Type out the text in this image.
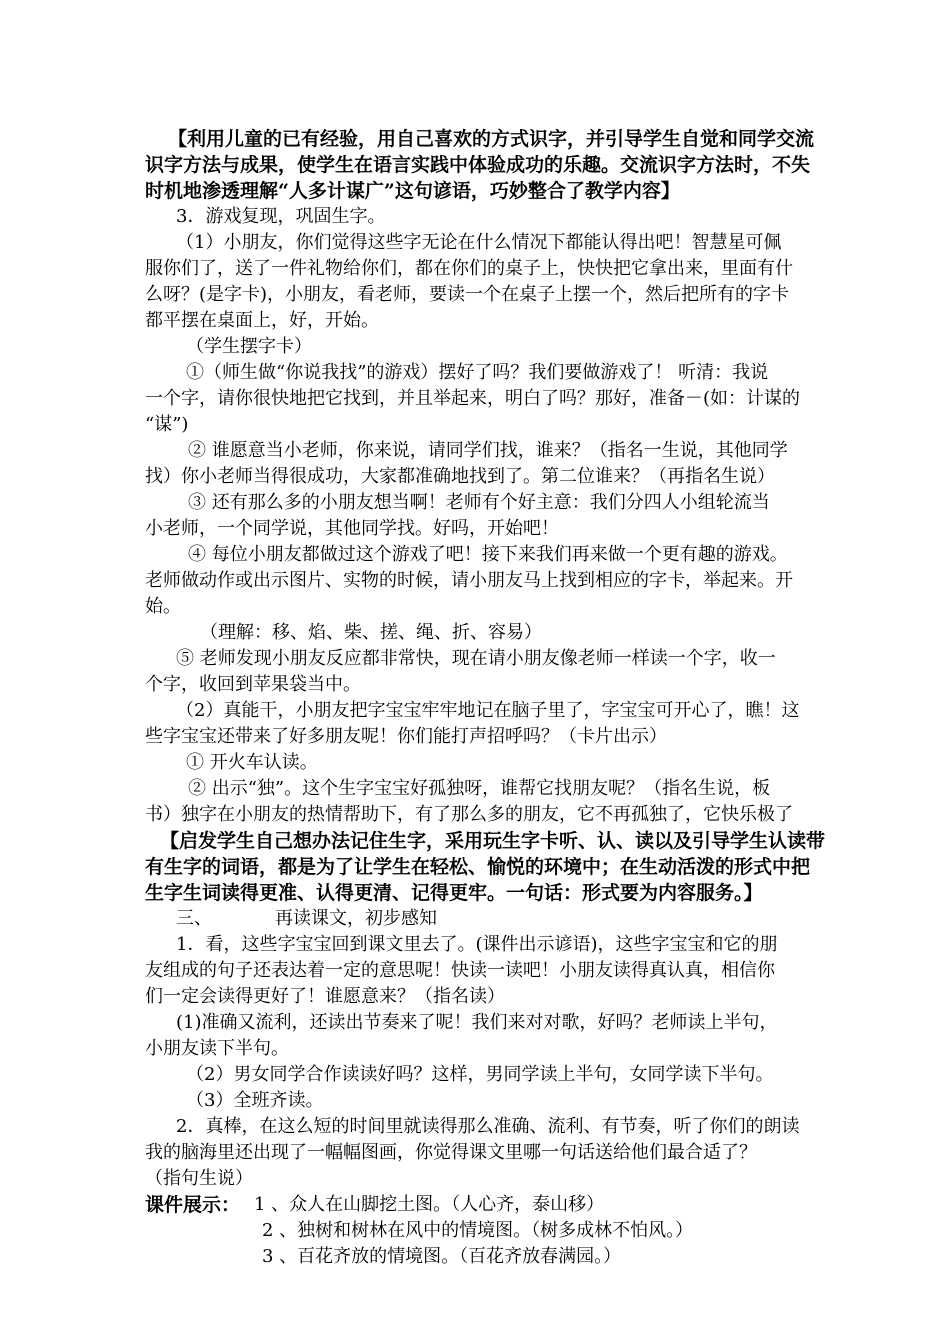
【利用儿童的已有经验，用自己喜欢的方式识字，并引导学生自觉和同学交流
识字方法与成果，使学生在语言实践中体验成功的乐趣。交流识字方法时，不失
时机地渗透理解“人多计谋广”这句谚语，巧妙整合了教学内容】
3．游戏复现，巩固生字。
（1）小朋友，你们觉得这些字无论在什么情况下都能认得出吧！智慧星可佩
服你们了，送了一件礼物给你们，都在你们的桌子上，快快把它拿出来，里面有什
么呀？(是字卡)，小朋友，看老师，要读一个在桌子上摆一个，然后把所有的字卡
都平摆在桌面上，好，开始。
（学生摆字卡）
①（师生做“你说我找”的游戏）摆好了吗？我们要做游戏了！ 听清：我说
一个字，请你很快地把它找到，并且举起来，明白了吗？那好，准备－(如：计谋的
“谋”)
② 谁愿意当小老师，你来说，请同学们找，谁来？（指名一生说，其他同学
找）你小老师当得很成功，大家都准确地找到了。第二位谁来？（再指名生说）
③ 还有那么多的小朋友想当啊！老师有个好主意：我们分四人小组轮流当
小老师，一个同学说，其他同学找。好吗，开始吧！
④ 每位小朋友都做过这个游戏了吧！接下来我们再来做一个更有趣的游戏。
老师做动作或出示图片、实物的时候，请小朋友马上找到相应的字卡，举起来。开
始。
（理解：移、焰、柴、搓、绳、折、容易）
⑤ 老师发现小朋友反应都非常快，现在请小朋友像老师一样读一个字，收一
个字，收回到苹果袋当中。
（2）真能干，小朋友把字宝宝牢牢地记在脑子里了，字宝宝可开心了，瞧！这
些字宝宝还带来了好多朋友呢！你们能打声招呼吗？（卡片出示）
① 开火车认读。
② 出示“独”。这个生字宝宝好孤独呀，谁帮它找朋友呢？（指名生说，板
书）独字在小朋友的热情帮助下，有了那么多的朋友，它不再孤独了，它快乐极了
【启发学生自己想办法记住生字，采用玩生字卡听、认、读以及引导学生认读带
有生字的词语，都是为了让学生在轻松、愉悦的环境中；在生动活泼的形式中把
生字生词读得更准、认得更清、记得更牢。一句话：形式要为内容服务。】
三、　　　　再读课文，初步感知
1．看，这些字宝宝回到课文里去了。(课件出示谚语)，这些字宝宝和它的朋
友组成的句子还表达着一定的意思呢！快读一读吧！小朋友读得真认真，相信你
们一定会读得更好了！谁愿意来？（指名读）
(1)准确又流利，还读出节奏来了呢！我们来对对歌，好吗？老师读上半句，
小朋友读下半句。
（2）男女同学合作读读好吗？这样，男同学读上半句，女同学读下半句。
（3）全班齐读。
2．真棒，在这么短的时间里就读得那么准确、流利、有节奏，听了你们的朗读
我的脑海里还出现了一幅幅图画，你觉得课文里哪一句话送给他们最合适了？
（指句生说）
课件展示： 1 、众人在山脚挖土图。（人心齐，泰山移）
2 、独树和树林在风中的情境图。（树多成林不怕风。）
3 、百花齐放的情境图。（百花齐放春满园。）
